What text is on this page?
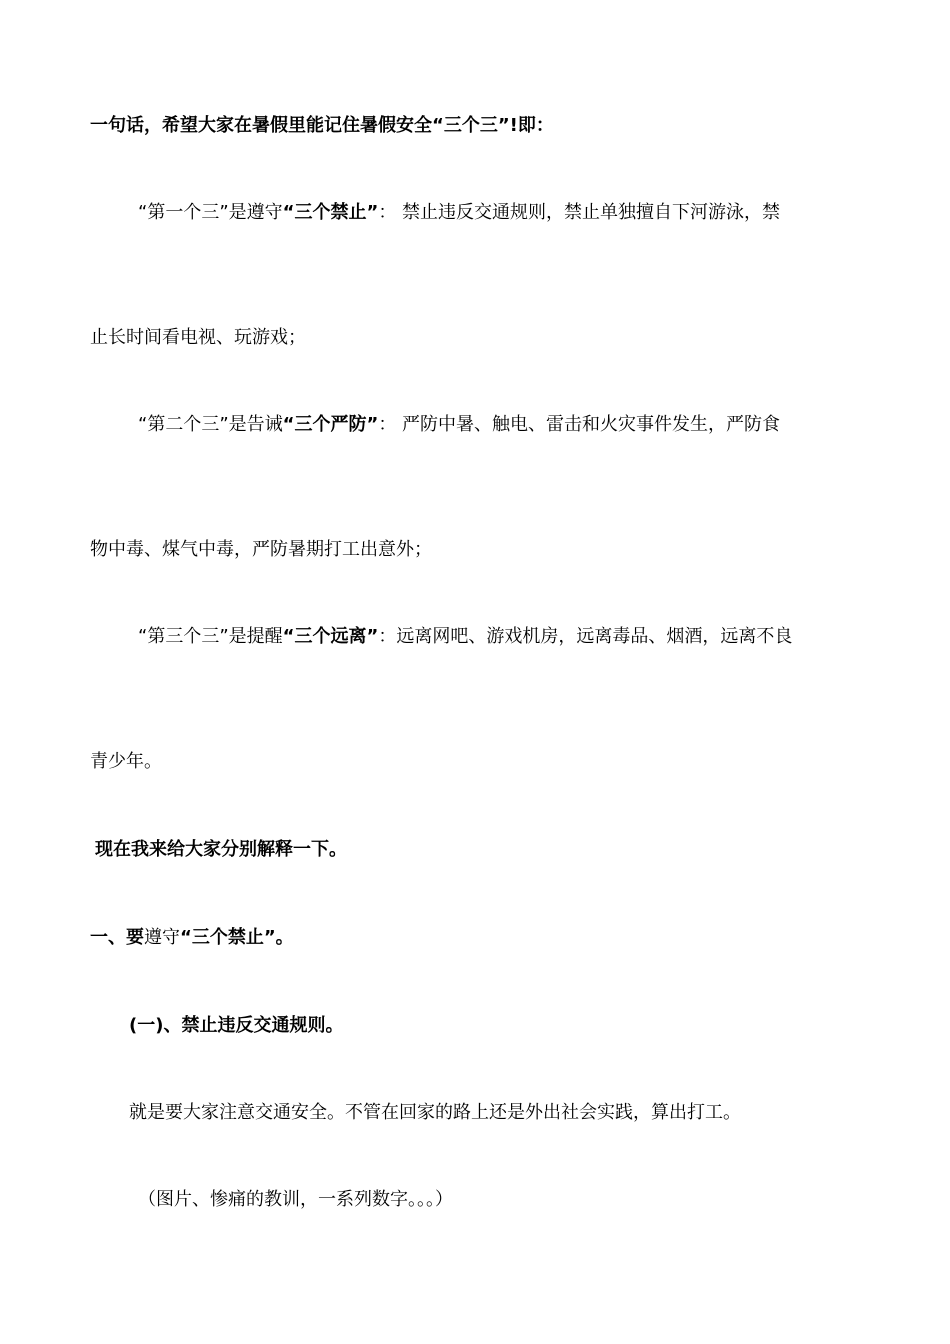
一句话，希望大家在暑假里能记住暑假安全“三个三”!即：
“第一个三”是遵守“三个禁止”： 禁止违反交通规则，禁止单独擅自下河游泳，禁
止长时间看电视、玩游戏；
“第二个三”是告诫“三个严防”： 严防中暑、触电、雷击和火灾事件发生，严防食
物中毒、煤气中毒，严防暑期打工出意外；
“第三个三”是提醒“三个远离”：远离网吧、游戏机房，远离毒品、烟酒，远离不良
青少年。
现在我来给大家分别解释一下。
一、要遵守“三个禁止”。
(一)、禁止违反交通规则。
就是要大家注意交通安全。不管在回家的路上还是外出社会实践，算出打工。
（图片、惨痛的教训，一系列数字。。。）
